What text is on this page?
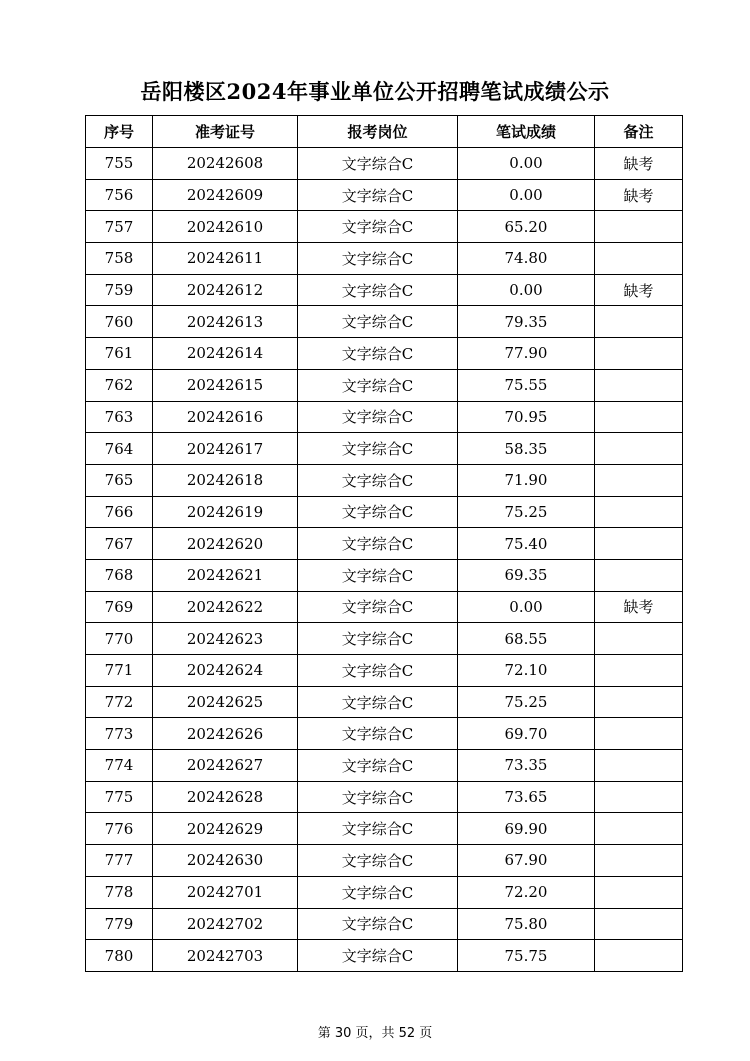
岳阳楼区2024年事业单位公开招聘笔试成绩公示
序号	准考证号	报考岗位	笔试成绩	备注
755	20242608	文字综合C	0.00	缺考
756	20242609	文字综合C	0.00	缺考
757	20242610	文字综合C	65.20	
758	20242611	文字综合C	74.80	
759	20242612	文字综合C	0.00	缺考
760	20242613	文字综合C	79.35	
761	20242614	文字综合C	77.90	
762	20242615	文字综合C	75.55	
763	20242616	文字综合C	70.95	
764	20242617	文字综合C	58.35	
765	20242618	文字综合C	71.90	
766	20242619	文字综合C	75.25	
767	20242620	文字综合C	75.40	
768	20242621	文字综合C	69.35	
769	20242622	文字综合C	0.00	缺考
770	20242623	文字综合C	68.55	
771	20242624	文字综合C	72.10	
772	20242625	文字综合C	75.25	
773	20242626	文字综合C	69.70	
774	20242627	文字综合C	73.35	
775	20242628	文字综合C	73.65	
776	20242629	文字综合C	69.90	
777	20242630	文字综合C	67.90	
778	20242701	文字综合C	72.20	
779	20242702	文字综合C	75.80	
780	20242703	文字综合C	75.75	
第 30 页，共 52 页
